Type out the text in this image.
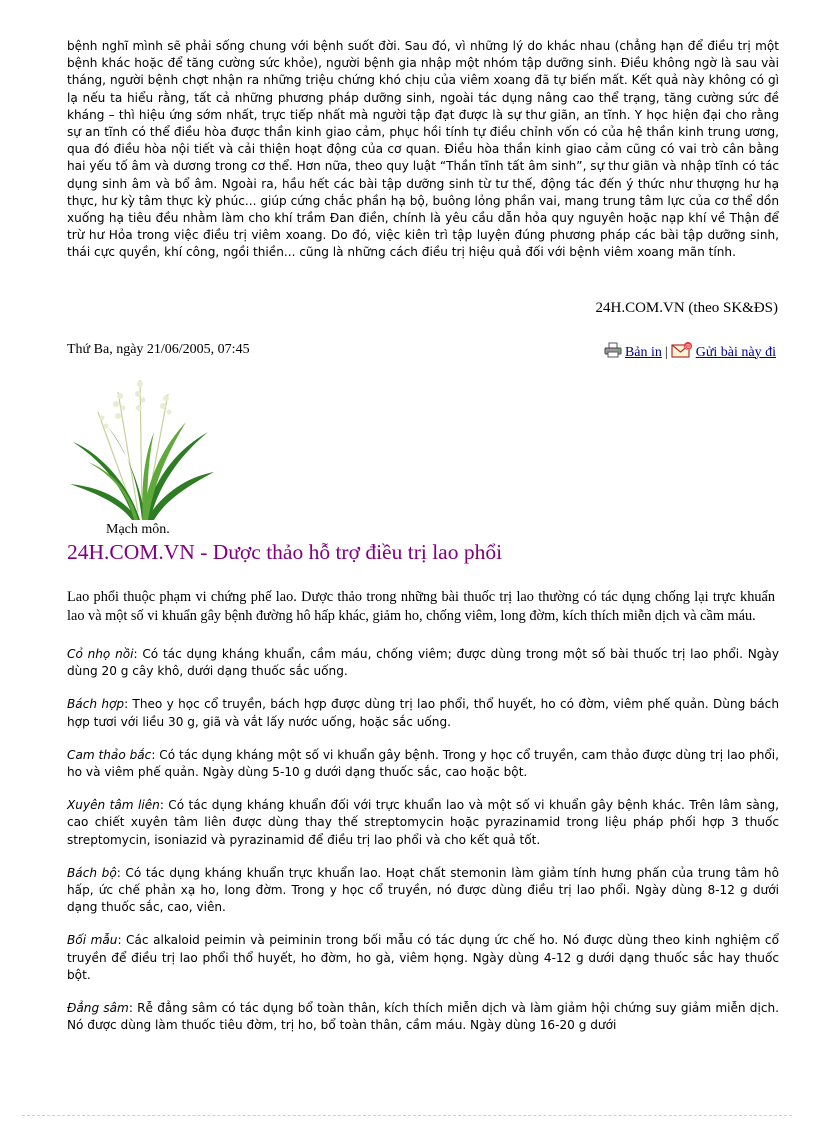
bệnh nghĩ mình sẽ phải sống chung với bệnh suốt đời. Sau đó, vì những lý do khác nhau (chẳng hạn để điều trị một bệnh khác hoặc để tăng cường sức khỏe), người bệnh gia nhập một nhóm tập dưỡng sinh. Điều không ngờ là sau vài tháng, người bệnh chợt nhận ra những triệu chứng khó chịu của viêm xoang đã tự biến mất. Kết quả này không có gì lạ nếu ta hiểu rằng, tất cả những phương pháp dưỡng sinh, ngoài tác dụng nâng cao thể trạng, tăng cường sức đề kháng – thì hiệu ứng sớm nhất, trực tiếp nhất mà người tập đạt được là sự thư giãn, an tĩnh. Y học hiện đại cho rằng sự an tĩnh có thể điều hòa được thần kinh giao cảm, phục hồi tính tự điều chỉnh vốn có của hệ thần kinh trung ương, qua đó điều hòa nội tiết và cải thiện hoạt động của cơ quan. Điều hòa thần kinh giao cảm cũng có vai trò cân bằng hai yếu tố âm và dương trong cơ thể. Hơn nữa, theo quy luật “Thần tĩnh tất âm sinh”, sự thư giãn và nhập tĩnh có tác dụng sinh âm và bổ âm. Ngoài ra, hầu hết các bài tập dưỡng sinh từ tư thế, động tác đến ý thức như thượng hư hạ thực, hư kỳ tâm thực kỳ phúc... giúp cứng chắc phần hạ bộ, buông lỏng phần vai, mang trung tâm lực của cơ thể dồn xuống hạ tiêu đều nhằm làm cho khí trầm Đan điền, chính là yêu cầu dẫn hỏa quy nguyên hoặc nạp khí về Thận để trừ hư Hỏa trong việc điều trị viêm xoang. Do đó, việc kiên trì tập luyện đúng phương pháp các bài tập dưỡng sinh, thái cực quyền, khí công, ngồi thiền... cũng là những cách điều trị hiệu quả đối với bệnh viêm xoang mãn tính.
24H.COM.VN (theo SK&ĐS)
Thứ Ba, ngày 21/06/2005, 07:45	Bản in |	@ Gửi bài này đi
Mạch môn.
24H.COM.VN - Dược thảo hỗ trợ điều trị lao phổi
Lao phổi thuộc phạm vi chứng phế lao. Dược thảo trong những bài thuốc trị lao thường có tác dụng chống lại trực khuẩn lao và một số vi khuẩn gây bệnh đường hô hấp khác, giảm ho, chống viêm, long đờm, kích thích miễn dịch và cầm máu.

Cỏ nhọ nồi: Có tác dụng kháng khuẩn, cầm máu, chống viêm; được dùng trong một số bài thuốc trị lao phổi. Ngày dùng 20 g cây khô, dưới dạng thuốc sắc uống.

Bách hợp: Theo y học cổ truyền, bách hợp được dùng trị lao phổi, thổ huyết, ho có đờm, viêm phế quản. Dùng bách hợp tươi với liều 30 g, giã và vắt lấy nước uống, hoặc sắc uống.

Cam thảo bắc: Có tác dụng kháng một số vi khuẩn gây bệnh. Trong y học cổ truyền, cam thảo được dùng trị lao phổi, ho và viêm phế quản. Ngày dùng 5-10 g dưới dạng thuốc sắc, cao hoặc bột.

Xuyên tâm liên: Có tác dụng kháng khuẩn đối với trực khuẩn lao và một số vi khuẩn gây bệnh khác. Trên lâm sàng, cao chiết xuyên tâm liên được dùng thay thế streptomycin hoặc pyrazinamid trong liệu pháp phối hợp 3 thuốc streptomycin, isoniazid và pyrazinamid để điều trị lao phổi và cho kết quả tốt.

Bách bộ: Có tác dụng kháng khuẩn trực khuẩn lao. Hoạt chất stemonin làm giảm tính hưng phấn của trung tâm hô hấp, ức chế phản xạ ho, long đờm. Trong y học cổ truyền, nó được dùng điều trị lao phổi. Ngày dùng 8-12 g dưới dạng thuốc sắc, cao, viên.

Bối mẫu: Các alkaloid peimin và peiminin trong bối mẫu có tác dụng ức chế ho. Nó được dùng theo kinh nghiệm cổ truyền để điều trị lao phổi thổ huyết, ho đờm, ho gà, viêm họng. Ngày dùng 4-12 g dưới dạng thuốc sắc hay thuốc bột.

Đẳng sâm: Rễ đẳng sâm có tác dụng bổ toàn thân, kích thích miễn dịch và làm giảm hội chứng suy giảm miễn dịch. Nó được dùng làm thuốc tiêu đờm, trị ho, bổ toàn thân, cầm máu. Ngày dùng 16-20 g dưới
